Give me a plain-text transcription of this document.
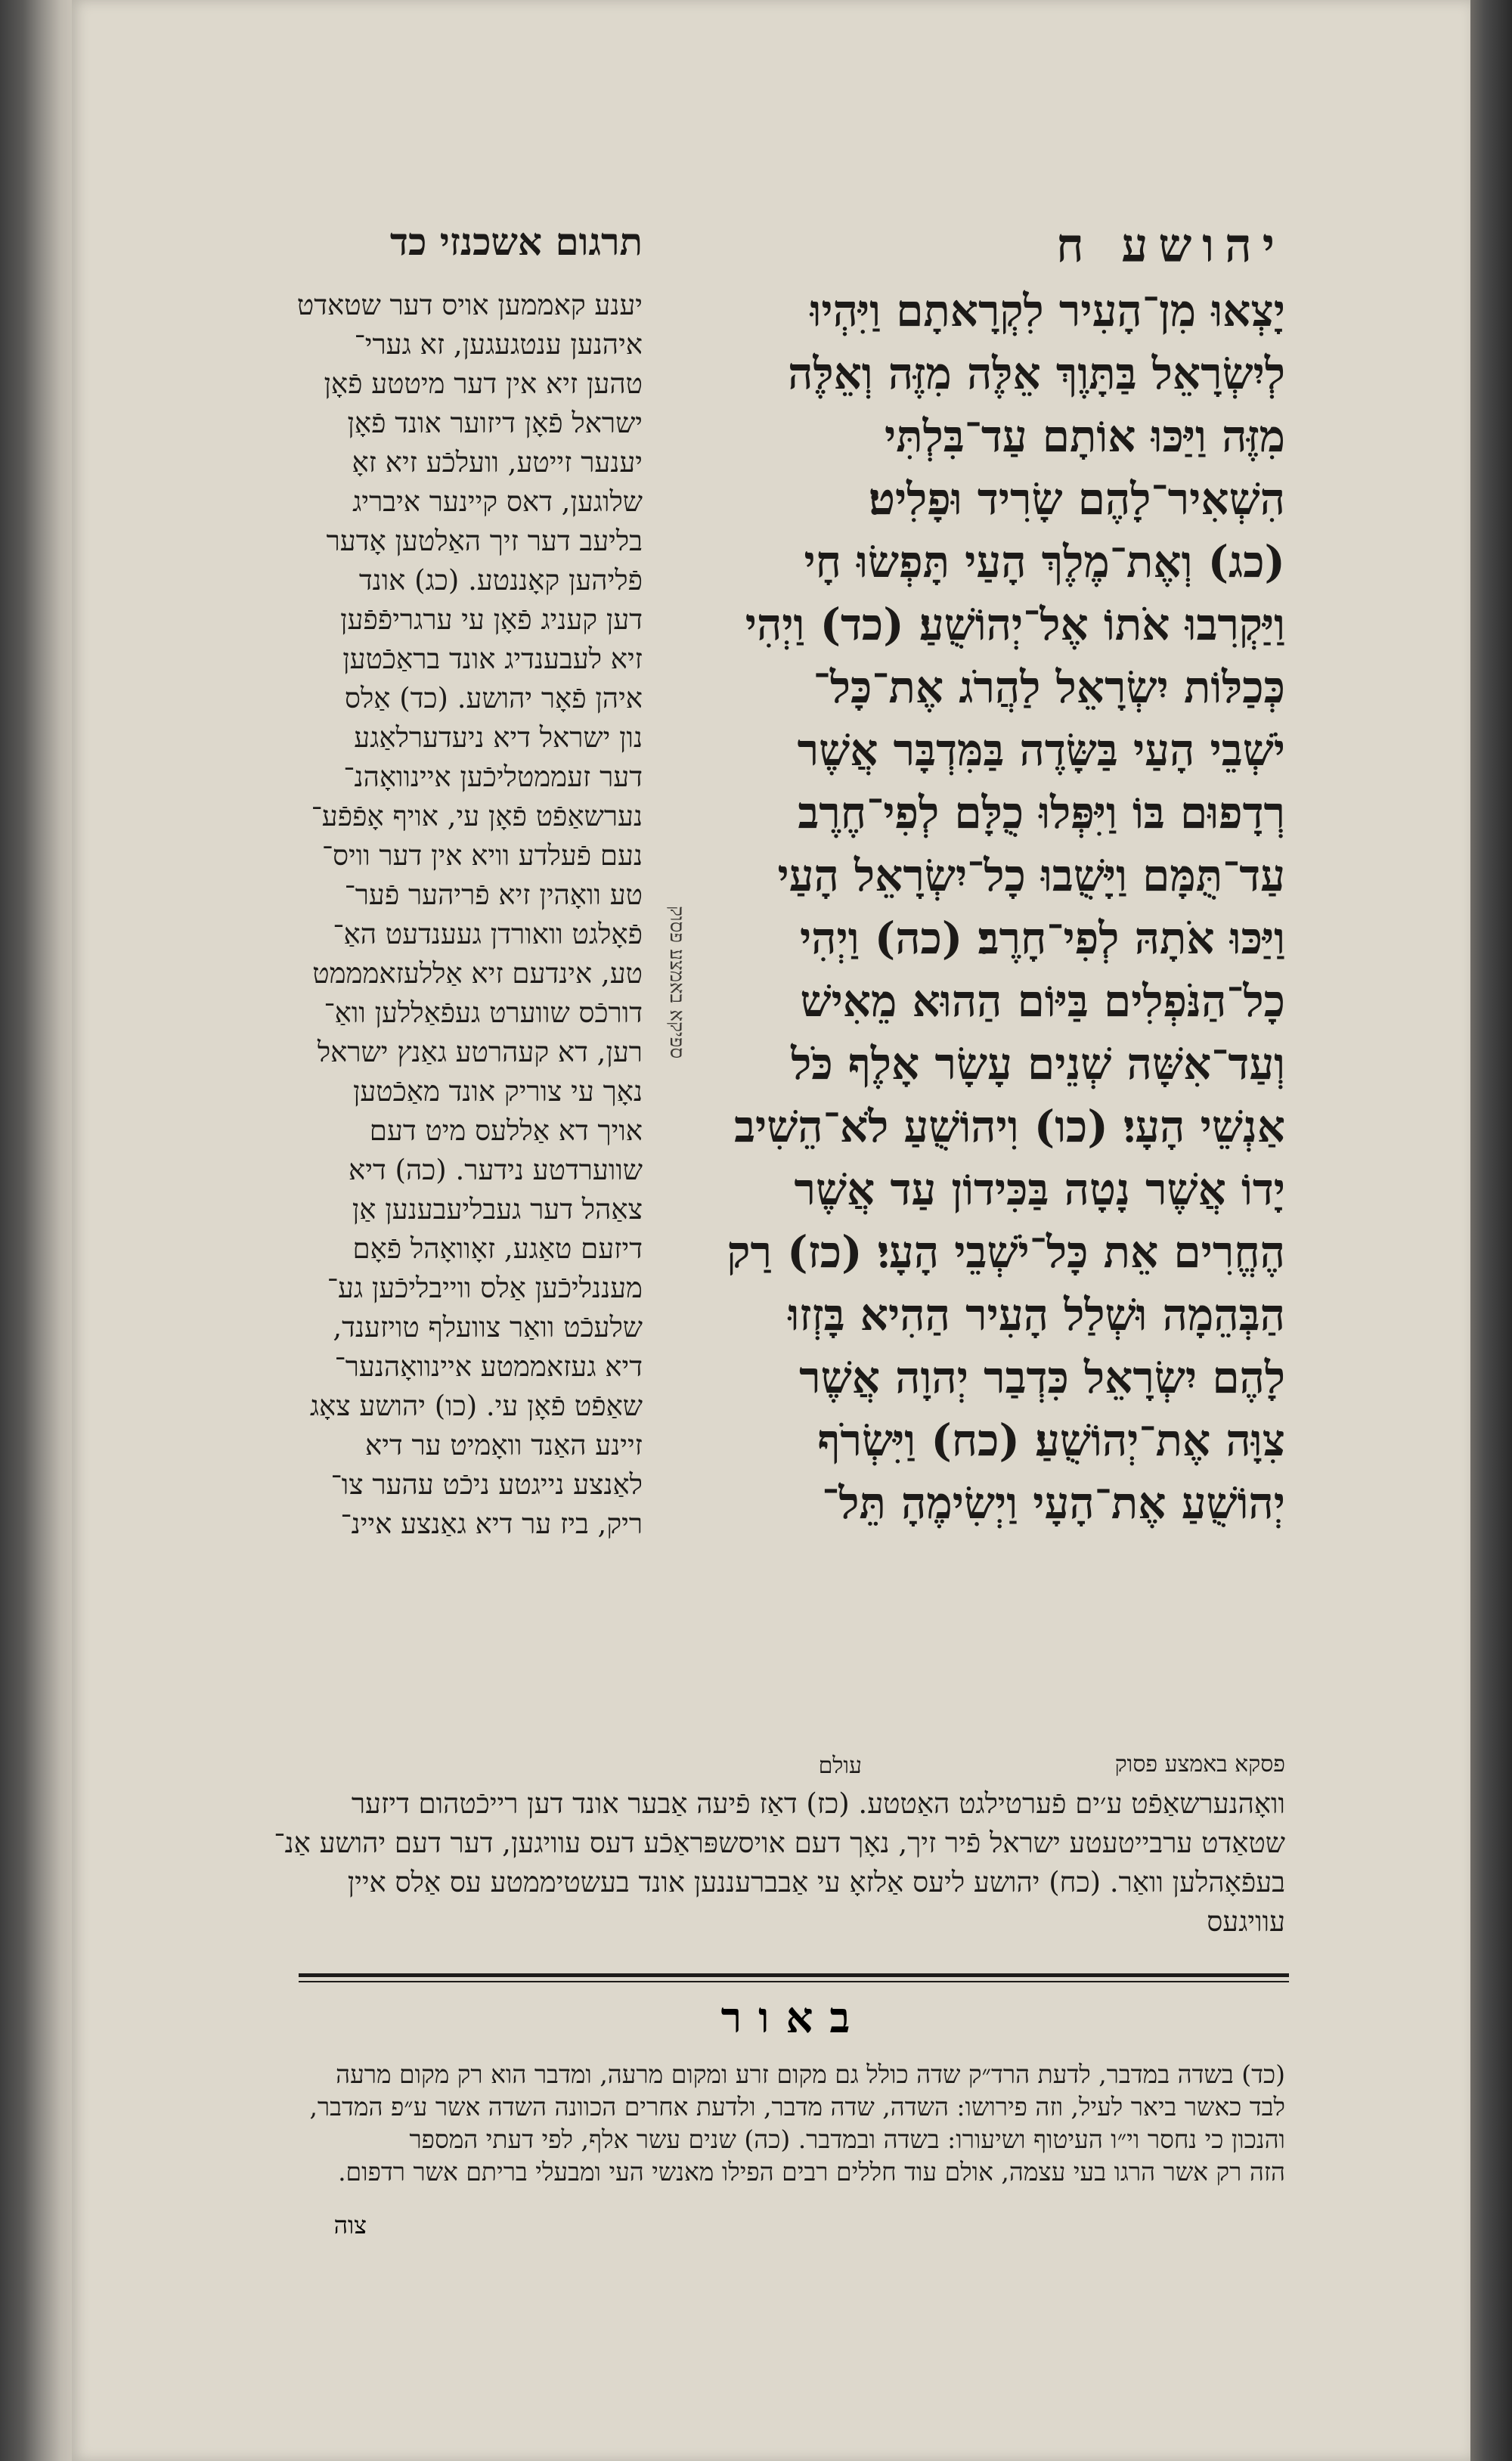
יהושע ח
תרגום אשכנזי כד
יָצְאוּ מִן־הָעִיר לִקְרָאתָם וַיִּהְיוּ
לְיִשְׂרָאֵל בַּתָּוֶךְ אֵלֶּה מִזֶּה וְאֵלֶּה
מִזֶּה וַיַּכּוּ אוֹתָם עַד־בִּלְתִּי
הִשְׁאִיר־לָהֶם שָׂרִיד וּפָלִיט׃
(כג) וְאֶת־מֶלֶךְ הָעַי תָּפְשׂוּ חָי
וַיַּקְרִבוּ אֹתוֹ אֶל־יְהוֹשֻׁעַ׃ (כד) וַיְהִי
כְּכַלּוֹת יִשְׂרָאֵל לַהֲרֹג אֶת־כָּל־
יֹשְׁבֵי הָעַי בַּשָּׂדֶה בַּמִּדְבָּר אֲשֶׁר
רְדָפוּם בּוֹ וַיִּפְּלוּ כֻלָּם לְפִי־חֶרֶב
עַד־תֻּמָּם וַיָּשֻׁבוּ כָל־יִשְׂרָאֵל הָעַי
וַיַּכּוּ אֹתָהּ לְפִי־חָרֶב׃ (כה) וַיְהִי
כָל־הַנֹּפְלִים בַּיּוֹם הַהוּא מֵאִישׁ
וְעַד־אִשָּׁה שְׁנֵים עָשָׂר אָלֶף כֹּל
אַנְשֵׁי הָעָי׃ (כו) וִיהוֹשֻׁעַ לֹא־הֵשִׁיב
יָדוֹ אֲשֶׁר נָטָה בַּכִּידוֹן עַד אֲשֶׁר
הֶחֱרִים אֵת כָּל־יֹשְׁבֵי הָעָי׃ (כז) רַק
הַבְּהֵמָה וּשְׁלַל הָעִיר הַהִיא בָּזְזוּ
לָהֶם יִשְׂרָאֵל כִּדְבַר יְהוָה אֲשֶׁר
צִוָּה אֶת־יְהוֹשֻׁעַ׃ (כח) וַיִּשְׂרֹף
יְהוֹשֻׁעַ אֶת־הָעָי וַיְשִׂימֶהָ תֵּל־
ספיקא באמצע פסוק
פסקא באמצע פסוק
עולם
יענע קאממען אויס דער שטאדט
איהנען ענטגעגען, זא גערי־
טהען זיא אין דער מיטטע פֿאָן
ישראל פֿאָן דיזוער אונד פֿאָן
יענער זייטע, וועלכֿע זיא זאָ
שלוגען, דאס קיינער איבריג
בליעב דער זיך האַלטען אָדער
פֿליהען קאָננטע. (כג) אונד
דען קעניג פֿאָן עי ערגריפֿפֿען
זיא לעבענדיג אונד בראַכֿטען
איהן פֿאָר יהושע. (כד) אַלס
נון ישראל דיא ניעדערלאַגע
דער זעממטליכֿען איינוואָהנ־
נערשאַפֿט פֿאָן עי, אויף אָפֿפֿע־
נעם פֿעלדע וויא אין דער וויס־
טע וואָהין זיא פֿריהער פֿער־
פֿאָלגט וואורדן געענדעט האַ־
טע, אינדעם זיא אַללעזאמממט
דורכֿס שווערט געפֿאַללען וואַ־
רען, דא קעהרטע גאַנץ ישראל
נאָך עי צוריק אונד מאַכֿטען
אויך דא אַללעס מיט דעם
שווערדטע נידער. (כה) דיא
צאַהל דער געבליעבענען אַן
דיזעם טאַגע, זאָוואָהל פֿאָם
מעננליכֿען אַלס ווייבליכֿען גע־
שלעכֿט וואַר צוועלף טויזענד,
דיא געזאממטע איינוואָהנער־
שאַפֿט פֿאָן עי. (כו) יהושע צאָג
זיינע האַנד וואָמיט ער דיא
לאַנצע נייגטע ניכֿט עהער צו־
ריק, ביז ער דיא גאַנצע איינ־
וואָהנערשאַפֿט ע׳ים פֿערטילגט האַטטע. (כז) דאַז פֿיעה אַבער אונד דען רייכֿטהום דיזער
שטאַדט ערבייטעטע ישראל פֿיר זיך, נאָך דעם אויסשפּראַכֿע דעס עוויגען, דער דעם יהושע אַנ־
בעפֿאָהלען וואַר. (כח) יהושע ליעס אַלזאָ עי אַבברעננען אונד בעשטיממטע עס אַלס איין
עוויגעס
באור
(כד) בשדה במדבר, לדעת הרד״ק שדה כולל גם מקום זרע ומקום מרעה, ומדבר הוא רק מקום מרעה
לבד כאשר ביאר לעיל, וזה פירושו: השדה, שדה מדבר, ולדעת אחרים הכוונה השדה אשר ע״פ המדבר,
והנכון כי נחסר וי״ו העיטוף ושיעורו: בשדה ובמדבר. (כה) שנים עשר אלף, לפי דעתי המספר
הזה רק אשר הרגו בעי עצמה, אולם עוד חללים רבים הפילו מאנשי העי ומבעלי בריתם אשר רדפום.
צוה
